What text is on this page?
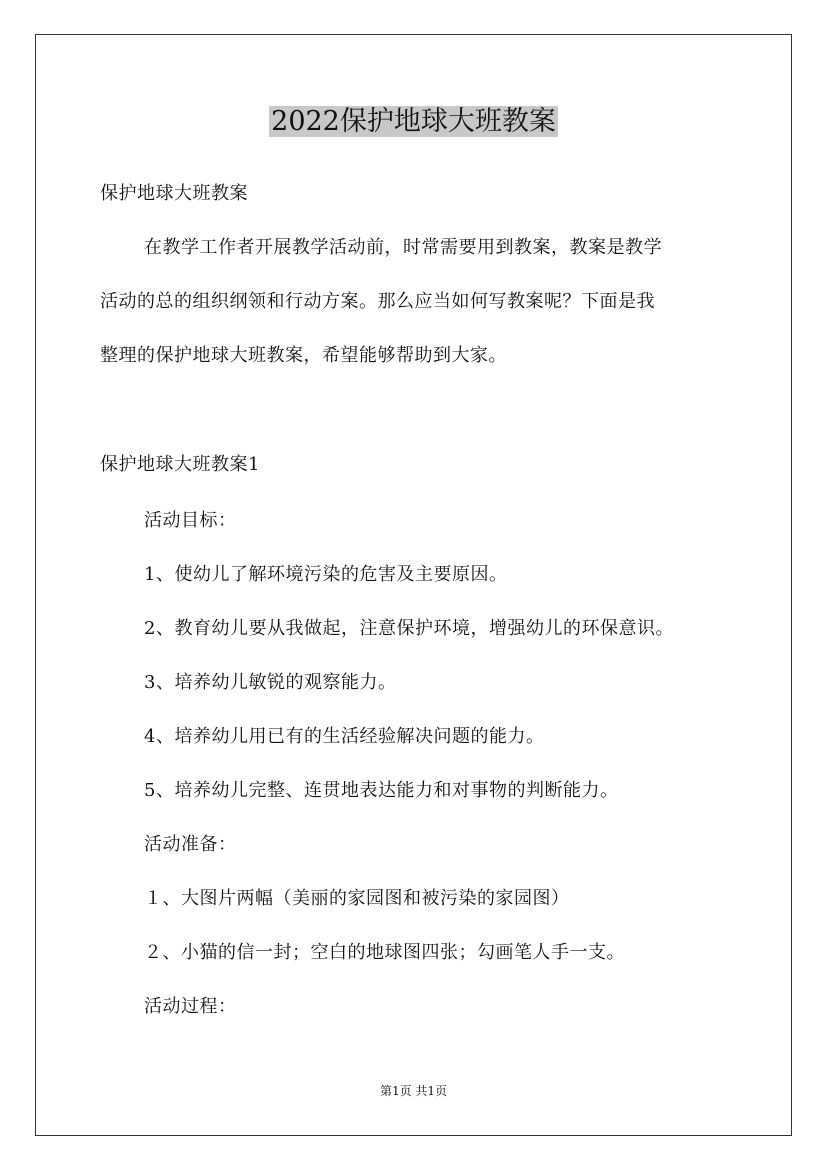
2022保护地球大班教案
保护地球大班教案
在教学工作者开展教学活动前，时常需要用到教案，教案是教学
活动的总的组织纲领和行动方案。那么应当如何写教案呢？下面是我
整理的保护地球大班教案，希望能够帮助到大家。
保护地球大班教案1
活动目标：
1、使幼儿了解环境污染的危害及主要原因。
2、教育幼儿要从我做起，注意保护环境，增强幼儿的环保意识。
3、培养幼儿敏锐的观察能力。
4、培养幼儿用已有的生活经验解决问题的能力。
5、培养幼儿完整、连贯地表达能力和对事物的判断能力。
活动准备：
１、大图片两幅（美丽的家园图和被污染的家园图）
２、小猫的信一封；空白的地球图四张；勾画笔人手一支。
活动过程：
第1页 共1页
